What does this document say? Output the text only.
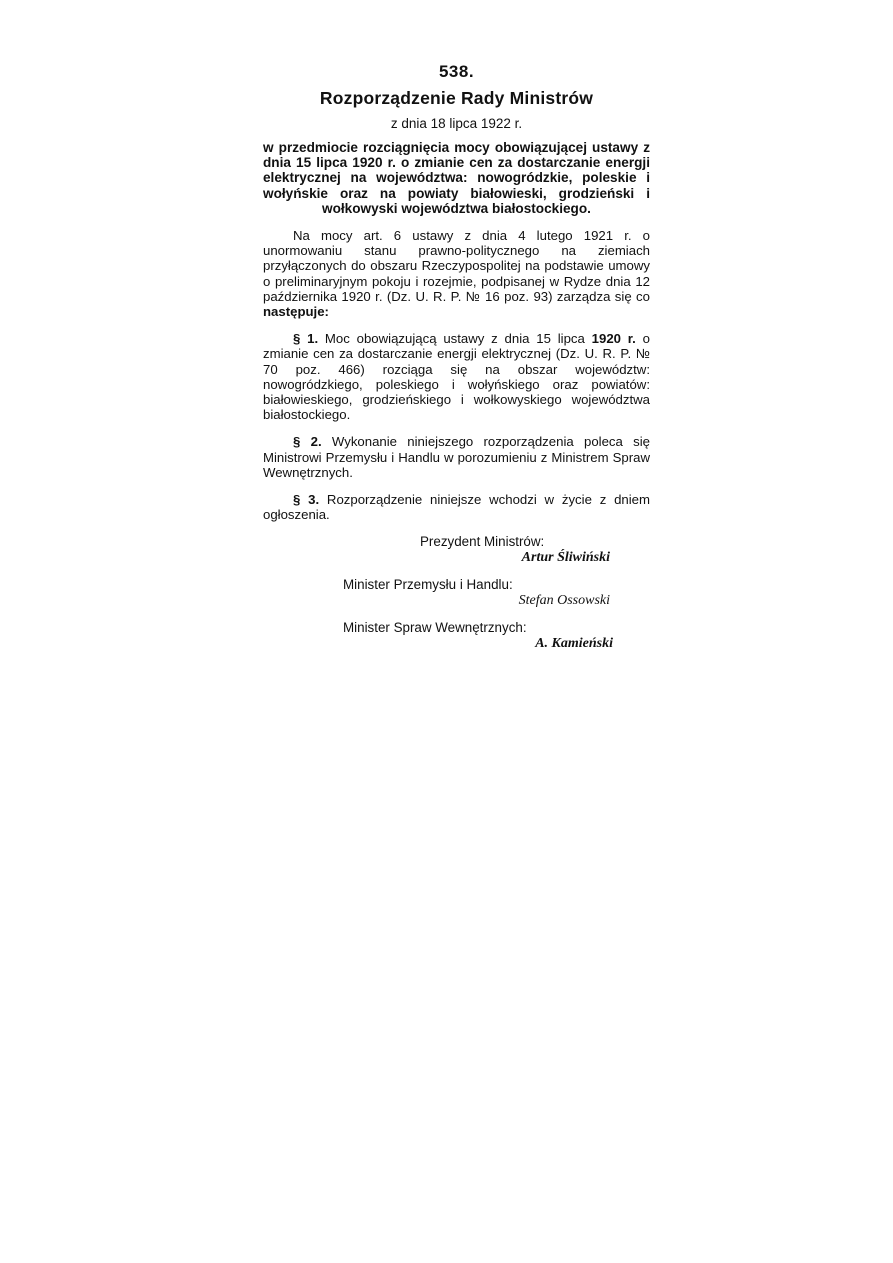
538.
Rozporządzenie Rady Ministrów
z dnia 18 lipca 1922 r.
w przedmiocie rozciągnięcia mocy obowiązującej ustawy z dnia 15 lipca 1920 r. o zmianie cen za dostarczanie energji elektrycznej na województwa: nowogródzkie, poleskie i wołyńskie oraz na powiaty białowieski, grodzieński i wołkowyski województwa białostockiego.
Na mocy art. 6 ustawy z dnia 4 lutego 1921 r. o unormowaniu stanu prawno-politycznego na ziemiach przyłączonych do obszaru Rzeczypospolitej na podstawie umowy o preliminaryjnym pokoju i rozejmie, podpisanej w Rydze dnia 12 października 1920 r. (Dz. U. R. P. № 16 poz. 93) zarządza się co następuje:
§ 1. Moc obowiązującą ustawy z dnia 15 lipca 1920 r. o zmianie cen za dostarczanie energji elektrycznej (Dz. U. R. P. № 70 poz. 466) rozciąga się na obszar województw: nowogródzkiego, poleskiego i wołyńskiego oraz powiatów: białowieskiego, grodzieńskiego i wołkowyskiego województwa białostockiego.
§ 2. Wykonanie niniejszego rozporządzenia poleca się Ministrowi Przemysłu i Handlu w porozumieniu z Ministrem Spraw Wewnętrznych.
§ 3. Rozporządzenie niniejsze wchodzi w życie z dniem ogłoszenia.
Prezydent Ministrów:
Artur Śliwiński
Minister Przemysłu i Handlu:
Stefan Ossowski
Minister Spraw Wewnętrznych:
A. Kamieński
